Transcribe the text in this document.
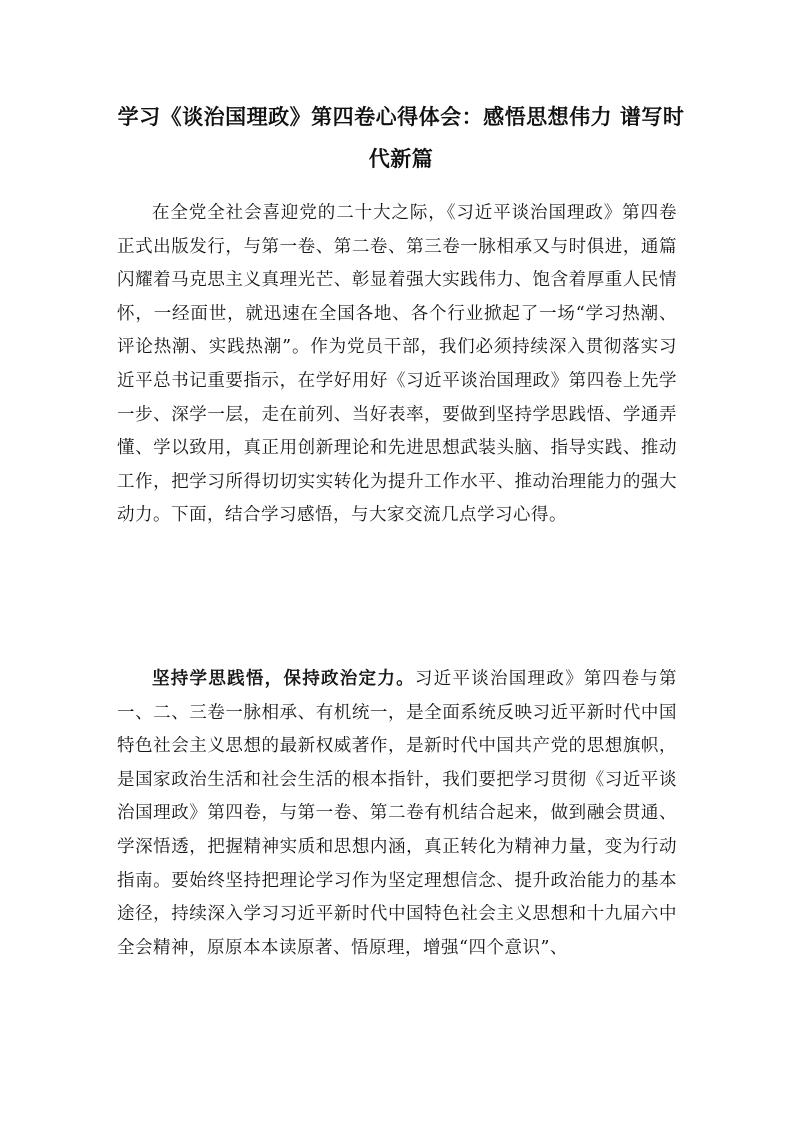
学习《谈治国理政》第四卷心得体会：感悟思想伟力 谱写时代新篇

在全党全社会喜迎党的二十大之际，《习近平谈治国理政》第四卷正式出版发行，与第一卷、第二卷、第三卷一脉相承又与时俱进，通篇闪耀着马克思主义真理光芒、彰显着强大实践伟力、饱含着厚重人民情怀，一经面世，就迅速在全国各地、各个行业掀起了一场“学习热潮、评论热潮、实践热潮”。作为党员干部，我们必须持续深入贯彻落实习近平总书记重要指示，在学好用好《习近平谈治国理政》第四卷上先学一步、深学一层，走在前列、当好表率，要做到坚持学思践悟、学通弄懂、学以致用，真正用创新理论和先进思想武装头脑、指导实践、推动工作，把学习所得切切实实转化为提升工作水平、推动治理能力的强大动力。下面，结合学习感悟，与大家交流几点学习心得。

坚持学思践悟，保持政治定力。习近平谈治国理政》第四卷与第一、二、三卷一脉相承、有机统一，是全面系统反映习近平新时代中国特色社会主义思想的最新权威著作，是新时代中国共产党的思想旗帜，是国家政治生活和社会生活的根本指针，我们要把学习贯彻《习近平谈治国理政》第四卷，与第一卷、第二卷有机结合起来，做到融会贯通、学深悟透，把握精神实质和思想内涵，真正转化为精神力量，变为行动指南。要始终坚持把理论学习作为坚定理想信念、提升政治能力的基本途径，持续深入学习习近平新时代中国特色社会主义思想和十九届六中全会精神，原原本本读原著、悟原理，增强“四个意识”、
